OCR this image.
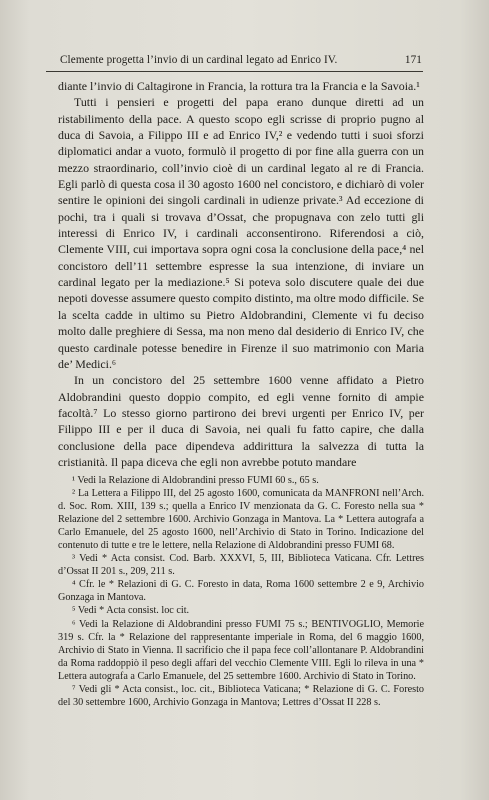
Clemente progetta l’invio di un cardinal legato ad Enrico IV.	171

diante l’invio di Caltagirone in Francia, la rottura tra la Francia e la Savoia.¹

Tutti i pensieri e progetti del papa erano dunque diretti ad un ristabilimento della pace. A questo scopo egli scrisse di proprio pugno al duca di Savoia, a Filippo III e ad Enrico IV,² e vedendo tutti i suoi sforzi diplomatici andar a vuoto, formulò il progetto di por fine alla guerra con un mezzo straordinario, coll’invio cioè di un cardinal legato al re di Francia. Egli parlò di questa cosa il 30 agosto 1600 nel concistoro, e dichiarò di voler sentire le opinioni dei singoli cardinali in udienze private.³ Ad eccezione di pochi, tra i quali si trovava d’Ossat, che propugnava con zelo tutti gli interessi di Enrico IV, i cardinali acconsentirono. Riferendosi a ciò, Clemente VIII, cui importava sopra ogni cosa la conclusione della pace,⁴ nel concistoro dell’11 settembre espresse la sua intenzione, di inviare un cardinal legato per la mediazione.⁵ Si poteva solo discutere quale dei due nepoti dovesse assumere questo compito distinto, ma oltre modo difficile. Se la scelta cadde in ultimo su Pietro Aldobrandini, Clemente vi fu deciso molto dalle preghiere di Sessa, ma non meno dal desiderio di Enrico IV, che questo cardinale potesse benedire in Firenze il suo matrimonio con Maria de’ Medici.⁶

In un concistoro del 25 settembre 1600 venne affidato a Pietro Aldobrandini questo doppio compito, ed egli venne fornito di ampie facoltà.⁷ Lo stesso giorno partirono dei brevi urgenti per Enrico IV, per Filippo III e per il duca di Savoia, nei quali fu fatto capire, che dalla conclusione della pace dipendeva addirittura la salvezza di tutta la cristianità. Il papa diceva che egli non avrebbe potuto mandare

¹ Vedi la Relazione di Aldobrandini presso FUMI 60 s., 65 s.

² La Lettera a Filippo III, del 25 agosto 1600, comunicata da MANFRONI nell’Arch. d. Soc. Rom. XIII, 139 s.; quella a Enrico IV menzionata da G. C. Foresto nella sua * Relazione del 2 settembre 1600. Archivio Gonzaga in Mantova. La * Lettera autografa a Carlo Emanuele, del 25 agosto 1600, nell’Archivio di Stato in Torino. Indicazione del contenuto di tutte e tre le lettere, nella Relazione di Aldobrandini presso FUMI 68.

³ Vedi * Acta consist. Cod. Barb. XXXVI, 5, III, Biblioteca Vaticana. Cfr. Lettres d’Ossat II 201 s., 209, 211 s.

⁴ Cfr. le * Relazioni di G. C. Foresto in data, Roma 1600 settembre 2 e 9, Archivio Gonzaga in Mantova.

⁵ Vedi * Acta consist. loc cit.

⁶ Vedi la Relazione di Aldobrandini presso FUMI 75 s.; BENTIVOGLIO, Memorie 319 s. Cfr. la * Relazione del rappresentante imperiale in Roma, del 6 maggio 1600, Archivio di Stato in Vienna. Il sacrificio che il papa fece coll’allontanare P. Aldobrandini da Roma raddoppiò il peso degli affari del vecchio Clemente VIII. Egli lo rileva in una * Lettera autografa a Carlo Emanuele, del 25 settembre 1600. Archivio di Stato in Torino.

⁷ Vedi gli * Acta consist., loc. cit., Biblioteca Vaticana; * Relazione di G. C. Foresto del 30 settembre 1600, Archivio Gonzaga in Mantova; Lettres d’Ossat II 228 s.
